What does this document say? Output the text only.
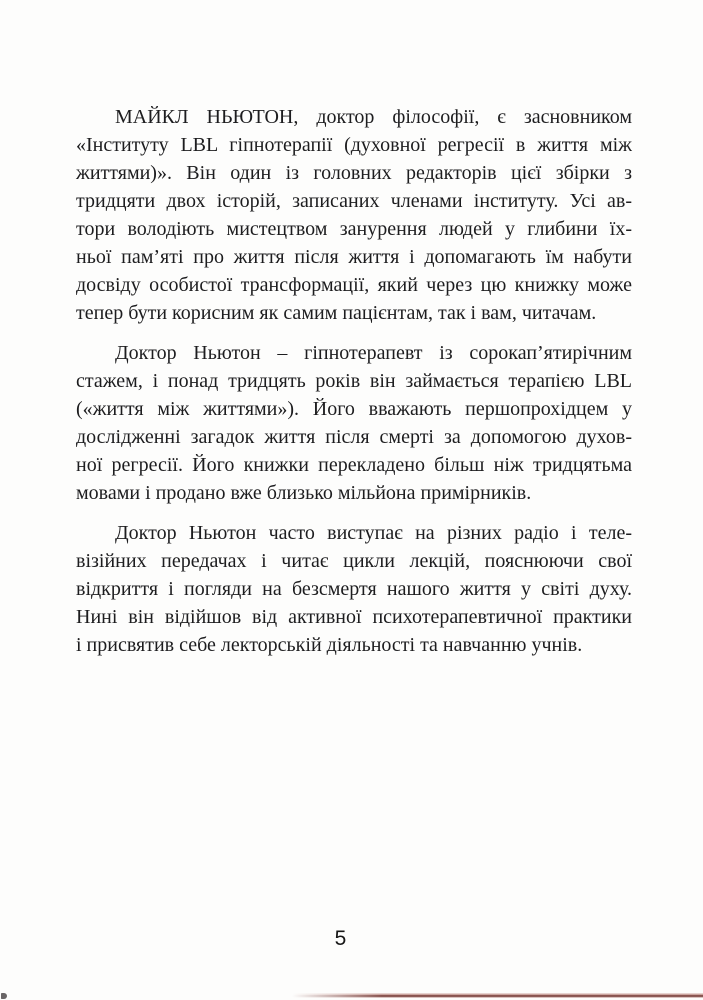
МАЙКЛ НЬЮТОН, доктор філософії, є засновником
«Інституту LBL гіпнотерапії (духовної регресії в життя між
життями)». Він один із головних редакторів цієї збірки з
тридцяти двох історій, записаних членами інституту. Усі ав-
тори володіють мистецтвом занурення людей у глибини їх-
ньої пам’яті про життя після життя і допомагають їм набути
досвіду особистої трансформації, який через цю книжку може
тепер бути корисним як самим пацієнтам, так і вам, читачам.
Доктор Ньютон – гіпнотерапевт із сорокап’ятирічним
стажем, і понад тридцять років він займається терапією LBL
(«життя між життями»). Його вважають першопрохідцем у
дослідженні загадок життя після смерті за допомогою духов-
ної регресії. Його книжки перекладено більш ніж тридцятьма
мовами і продано вже близько мільйона примірників.
Доктор Ньютон часто виступає на різних радіо і теле-
візійних передачах і читає цикли лекцій, пояснюючи свої
відкриття і погляди на безсмертя нашого життя у світі духу.
Нині він відійшов від активної психотерапевтичної практики
і присвятив себе лекторській діяльності та навчанню учнів.
5
